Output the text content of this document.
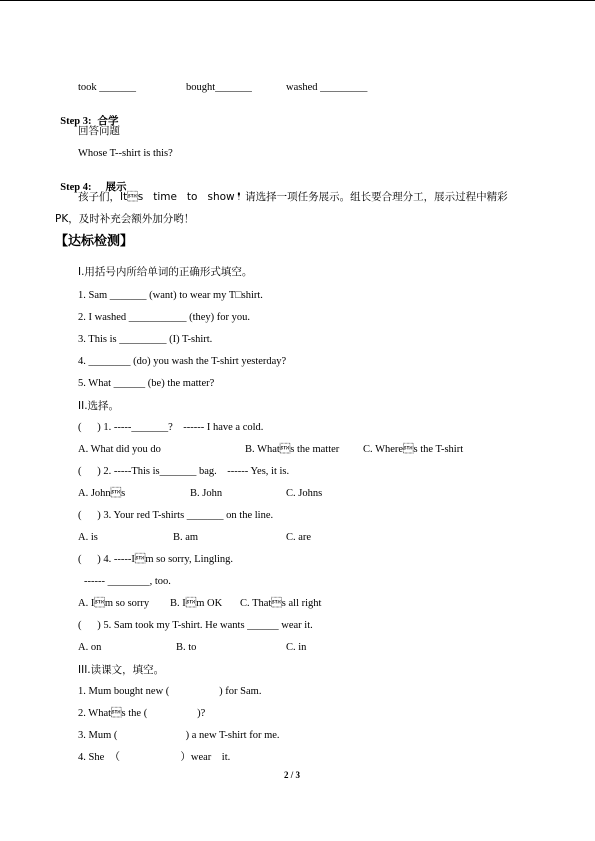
took _______	bought_______	washed _________

Step 3: 合学

回答问题
Whose T--shirt is this?

Step 4: 展示

孩子们，Its   time   to   show！请选择一项任务展示。组长要合理分工，展示过程中精彩
PK，及时补充会额外加分哟！
【达标检测】
I.用括号内所给单词的正确形式填空。
1. Sam _______ (want) to wear my T□shirt.
2. I washed ___________ (they) for you.
3. This is _________ (I) T-shirt.
4. ________ (do) you wash the T-shirt yesterday?
5. What ______ (be) the matter?
II.选择。
(      ) 1. -----_______?    ------ I have a cold.
A. What did you do	B. Whats the matter C. Wheres the T-shirt
(      ) 2. -----This is_______ bag.    ------ Yes, it is.
A. Johns	B. John	C. Johns
(      ) 3. Your red T-shirts _______ on the line.
A. is	B. am	C. are
(      ) 4. -----Im so sorry, Lingling.
------ ________, too.
A. Im so sorry B. Im OK C. Thats all right
(      ) 5. Sam took my T-shirt. He wants ______ wear it.
A. on	B. to	C. in
III.读课文，填空。
1. Mum bought new (                   ) for Sam.
2. Whats the (                   )?
3. Mum (                          ) a new T-shirt for me.
4. She  （                       ）wear    it.
2 / 3
